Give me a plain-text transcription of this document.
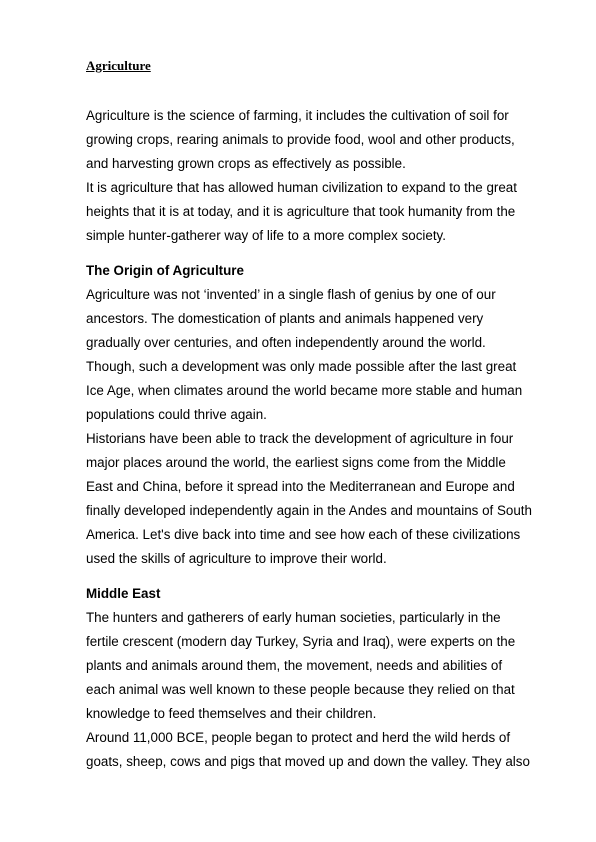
Agriculture
Agriculture is the science of farming, it includes the cultivation of soil for
growing crops, rearing animals to provide food, wool and other products,
and harvesting grown crops as effectively as possible.
It is agriculture that has allowed human civilization to expand to the great
heights that it is at today, and it is agriculture that took humanity from the
simple hunter-gatherer way of life to a more complex society.
The Origin of Agriculture
Agriculture was not ‘invented’ in a single flash of genius by one of our
ancestors. The domestication of plants and animals happened very
gradually over centuries, and often independently around the world.
Though, such a development was only made possible after the last great
Ice Age, when climates around the world became more stable and human
populations could thrive again.
Historians have been able to track the development of agriculture in four
major places around the world, the earliest signs come from the Middle
East and China, before it spread into the Mediterranean and Europe and
finally developed independently again in the Andes and mountains of South
America. Let's dive back into time and see how each of these civilizations
used the skills of agriculture to improve their world.
Middle East
The hunters and gatherers of early human societies, particularly in the
fertile crescent (modern day Turkey, Syria and Iraq), were experts on the
plants and animals around them, the movement, needs and abilities of
each animal was well known to these people because they relied on that
knowledge to feed themselves and their children.
Around 11,000 BCE, people began to protect and herd the wild herds of
goats, sheep, cows and pigs that moved up and down the valley. They also
